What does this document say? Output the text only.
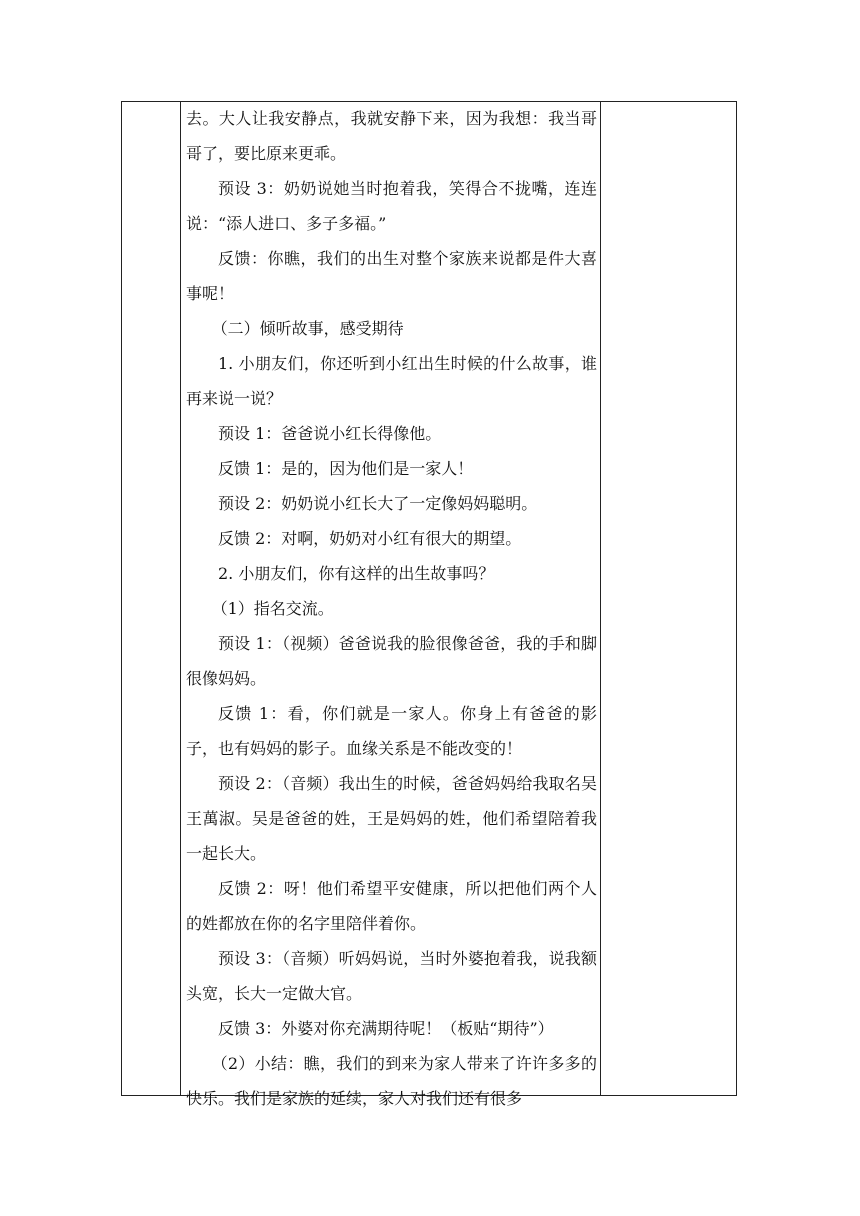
去。大人让我安静点，我就安静下来，因为我想：我当哥哥了，要比原来更乖。

预设 3：奶奶说她当时抱着我，笑得合不拢嘴，连连说：“添人进口、多子多福。”

反馈：你瞧，我们的出生对整个家族来说都是件大喜事呢！

（二）倾听故事，感受期待

1. 小朋友们，你还听到小红出生时候的什么故事，谁再来说一说？

预设 1：爸爸说小红长得像他。

反馈 1：是的，因为他们是一家人！

预设 2：奶奶说小红长大了一定像妈妈聪明。

反馈 2：对啊，奶奶对小红有很大的期望。

2. 小朋友们，你有这样的出生故事吗？

（1）指名交流。

预设 1：（视频）爸爸说我的脸很像爸爸，我的手和脚很像妈妈。

反馈 1：看，你们就是一家人。你身上有爸爸的影子，也有妈妈的影子。血缘关系是不能改变的！

预设 2：（音频）我出生的时候，爸爸妈妈给我取名吴王萬淑。吴是爸爸的姓，王是妈妈的姓，他们希望陪着我一起长大。

反馈 2：呀！他们希望平安健康，所以把他们两个人的姓都放在你的名字里陪伴着你。

预设 3：（音频）听妈妈说，当时外婆抱着我，说我额头宽，长大一定做大官。

反馈 3：外婆对你充满期待呢！（板贴“期待”）

（2）小结：瞧，我们的到来为家人带来了许许多多的快乐。我们是家族的延续，家人对我们还有很多
